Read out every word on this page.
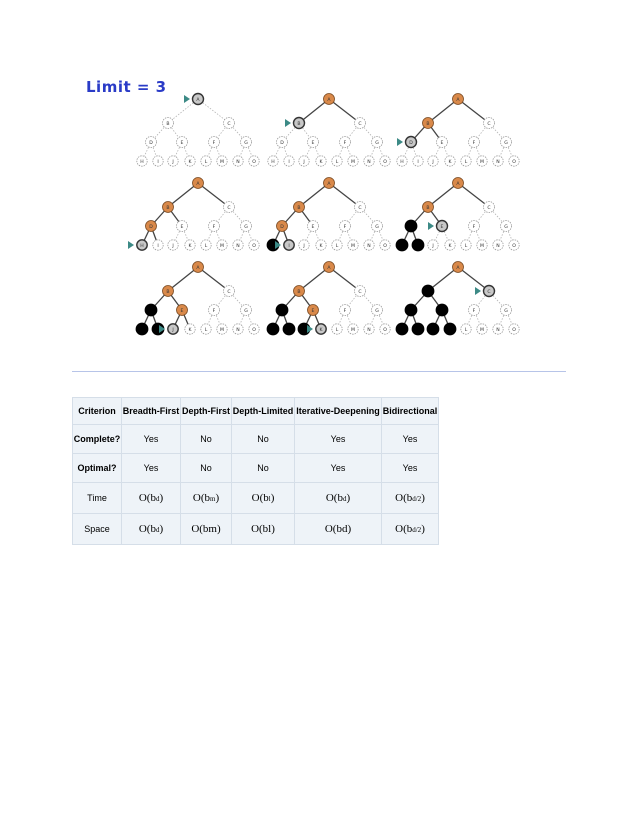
Limit = 3
A
B	C
D	E	F	G
H	I	J	K	L	M	N	O
A
B	C
D	E	F	G
H	I	J	K	L	M	N	O
A
B	C
D	E	F	G
H	I	J	K	L	M	N	O
A
B	C
D	E	F	G
H	I	J	K	L	M	N	O
A
B	C
D	E	F	G
I	J	K	L	M	N	O
A
B	C
E	F	G
J	K	L	M	N	O
A
B	C
E	F	G
J	K	L	M	N	O
A
B	C
E	F	G
K	L	M	N	O
A
C
F	G
L	M	N	O
Criterion	Breadth-First	Depth-First	Depth-Limited	Iterative-Deepening	Bidirectional
Complete?	Yes	No	No	Yes	Yes
Optimal?	Yes	No	No	Yes	Yes
Time	O(bd)	O(bm)	O(bl)	O(bd)	O(bd/2)
Space	O(bd)	O(bm)	O(bl)	O(bd)	O(bd/2)
